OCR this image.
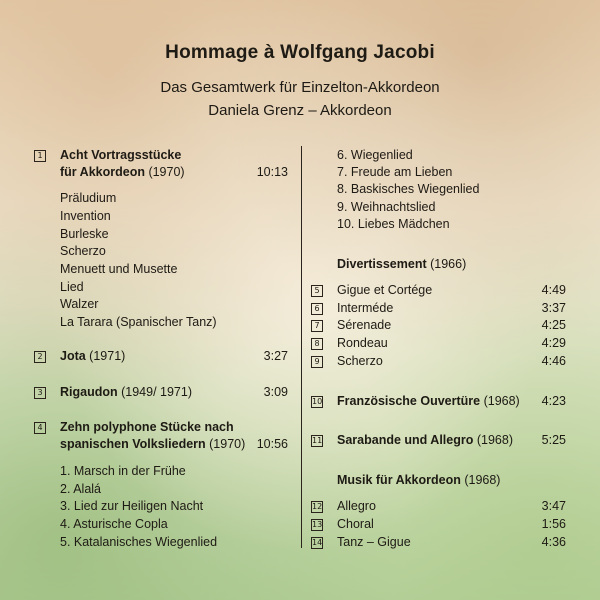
Hommage à Wolfgang Jacobi
Das Gesamtwerk für Einzelton-Akkordeon
Daniela Grenz – Akkordeon
1 Acht Vortragsstücke
für Akkordeon (1970)	10:13
Präludium
Invention
Burleske
Scherzo
Menuett und Musette
Lied
Walzer
La Tarara (Spanischer Tanz)
2 Jota (1971)	3:27
3 Rigaudon (1949/ 1971)	3:09
4 Zehn polyphone Stücke nach
spanischen Volksliedern (1970) 10:56
1. Marsch in der Frühe
2. Alalá
3. Lied zur Heiligen Nacht
4. Asturische Copla
5. Katalanisches Wiegenlied
6. Wiegenlied
7. Freude am Lieben
8. Baskisches Wiegenlied
9. Weihnachtslied
10. Liebes Mädchen
Divertissement (1966)
5 Gigue et Cortége	4:49
6 Interméde	3:37
7 Sérenade	4:25
8 Rondeau	4:29
9 Scherzo	4:46
10 Französische Ouvertüre (1968)	4:23
11 Sarabande und Allegro (1968)	5:25
Musik für Akkordeon (1968)
12 Allegro	3:47
13 Choral	1:56
14 Tanz – Gigue	4:36
